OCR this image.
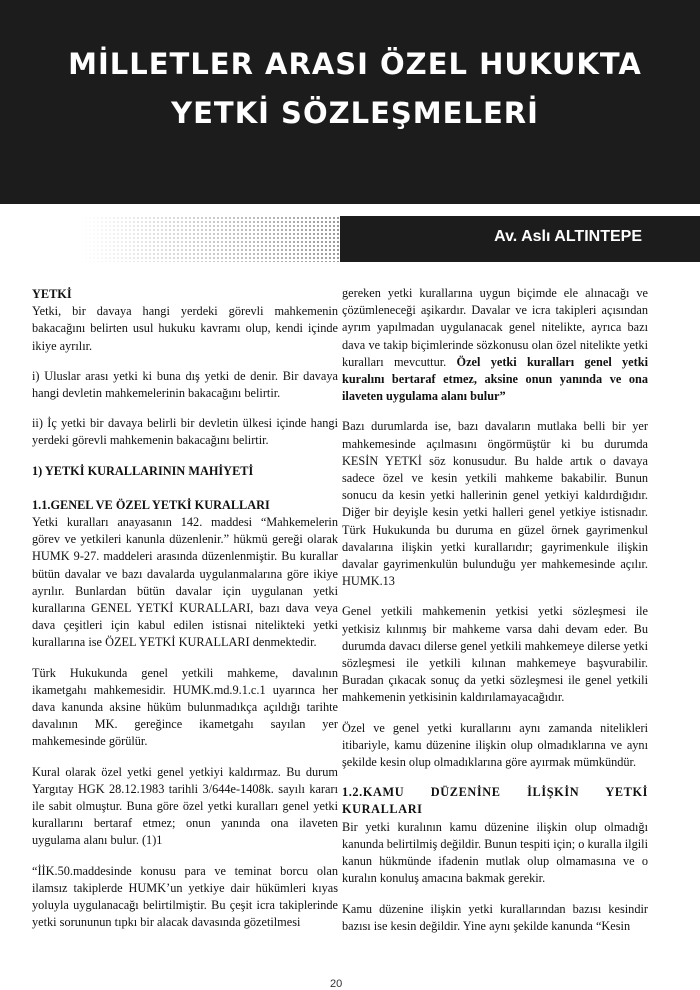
MİLLETLER ARASI ÖZEL HUKUKTA
YETKİ SÖZLEŞMELERİ
Av. Aslı ALTINTEPE

YETKİ

Yetki, bir davaya hangi yerdeki görevli mahkemenin bakacağını belirten usul hukuku kavramı olup, kendi içinde ikiye ayrılır.

i) Uluslar arası yetki ki buna dış yetki de denir. Bir davaya hangi devletin mahkemelerinin bakacağını belirtir.

ii) İç yetki bir davaya belirli bir devletin ülkesi içinde hangi yerdeki görevli mahkemenin bakacağını belirtir.

1) YETKİ KURALLARININ MAHİYETİ

1.1.GENEL VE ÖZEL YETKİ KURALLARI

Yetki kuralları anayasanın 142. maddesi “Mahkemelerin görev ve yetkileri kanunla düzenlenir.” hükmü gereği olarak HUMK 9-27. maddeleri arasında düzenlenmiştir. Bu kurallar bütün davalar ve bazı davalarda uygulanmalarına göre ikiye ayrılır. Bunlardan bütün davalar için uygulanan yetki kurallarına GENEL YETKİ KURALLARI, bazı dava veya dava çeşitleri için kabul edilen istisnai nitelikteki yetki kurallarına ise ÖZEL YETKİ KURALLARI denmektedir.

Türk Hukukunda genel yetkili mahkeme, davalının ikametgahı mahkemesidir. HUMK.md.9.1.c.1 uyarınca her dava kanunda aksine hüküm bulunmadıkça açıldığı tarihte davalının MK. gereğince ikametgahı sayılan yer mahkemesinde görülür.

Kural olarak özel yetki genel yetkiyi kaldırmaz. Bu durum Yargıtay HGK 28.12.1983 tarihli 3/644e-1408k. sayılı kararı ile sabit olmuştur. Buna göre özel yetki kuralları genel yetki kurallarını bertaraf etmez; onun yanında ona ilaveten uygulama alanı bulur. (1)1

“İİK.50.maddesinde konusu para ve teminat borcu olan ilamsız takiplerde HUMK’un yetkiye dair hükümleri kıyas yoluyla uygulanacağı belirtilmiştir. Bu çeşit icra takiplerinde yetki sorununun tıpkı bir alacak davasında gözetilmesi

gereken yetki kurallarına uygun biçimde ele alınacağı ve çözümleneceği aşikardır. Davalar ve icra takipleri açısından ayrım yapılmadan uygulanacak genel nitelikte, ayrıca bazı dava ve takip biçimlerinde sözkonusu olan özel nitelikte yetki kuralları mevcuttur. Özel yetki kuralları genel yetki kuralını bertaraf etmez, aksine onun yanında ve ona ilaveten uygulama alanı bulur”

Bazı durumlarda ise, bazı davaların mutlaka belli bir yer mahkemesinde açılmasını öngörmüştür ki bu durumda KESİN YETKİ söz konusudur. Bu halde artık o davaya sadece özel ve kesin yetkili mahkeme bakabilir. Bunun sonucu da kesin yetki hallerinin genel yetkiyi kaldırdığıdır. Diğer bir deyişle kesin yetki halleri genel yetkiye istisnadır. Türk Hukukunda bu duruma en güzel örnek gayrimenkul davalarına ilişkin yetki kurallarıdır; gayrimenkule ilişkin davalar gayrimenkulün bulunduğu yer mahkemesinde açılır. HUMK.13

Genel yetkili mahkemenin yetkisi yetki sözleşmesi ile yetkisiz kılınmış bir mahkeme varsa dahi devam eder. Bu durumda davacı dilerse genel yetkili mahkemeye dilerse yetki sözleşmesi ile yetkili kılınan mahkemeye başvurabilir. Buradan çıkacak sonuç da yetki sözleşmesi ile genel yetkili mahkemenin yetkisinin kaldırılamayacağıdır.

Özel ve genel yetki kurallarını aynı zamanda nitelikleri itibariyle, kamu düzenine ilişkin olup olmadıklarına ve aynı şekilde kesin olup olmadıklarına göre ayırmak mümkündür.

1.2.KAMU DÜZENİNE İLİŞKİN YETKİ KURALLARI

Bir yetki kuralının kamu düzenine ilişkin olup olmadığı kanunda belirtilmiş değildir. Bunun tespiti için; o kuralla ilgili kanun hükmünde ifadenin mutlak olup olmamasına ve o kuralın konuluş amacına bakmak gerekir.

Kamu düzenine ilişkin yetki kurallarından bazısı kesindir bazısı ise kesin değildir. Yine aynı şekilde kanunda “Kesin

20
